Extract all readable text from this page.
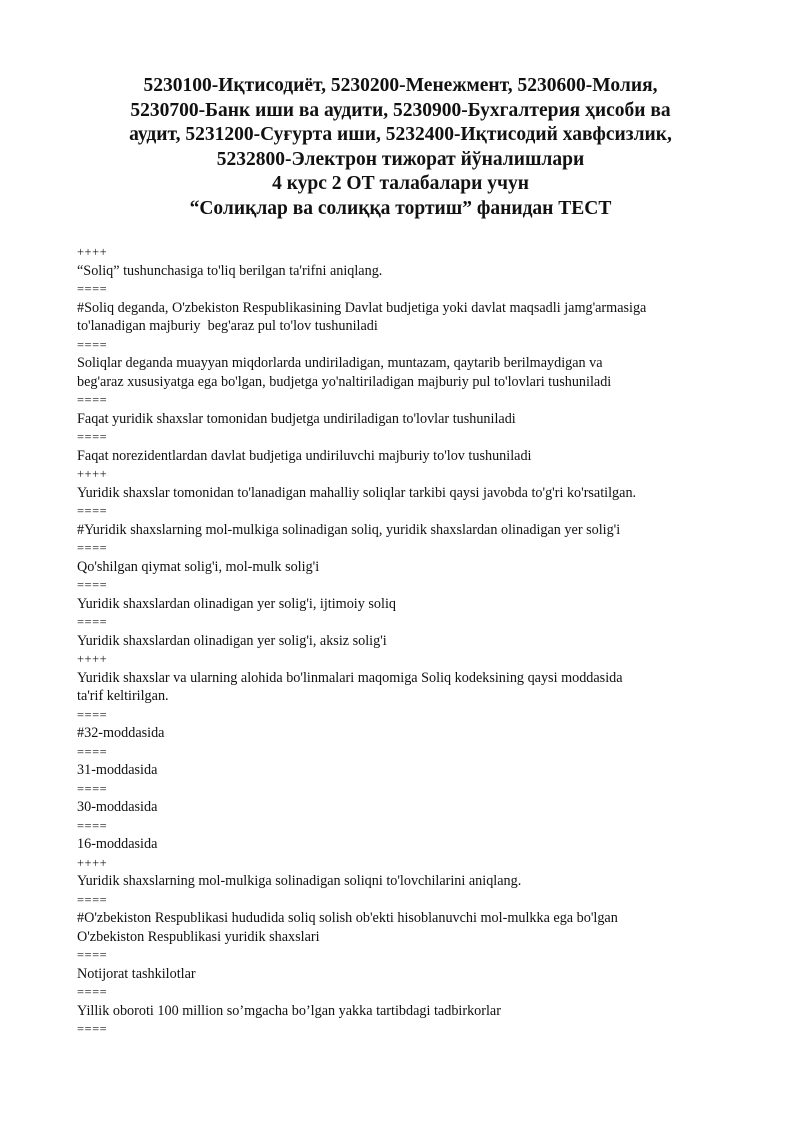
5230100-Иқтисодиёт, 5230200-Менежмент, 5230600-Молия,
5230700-Банк иши ва аудити, 5230900-Бухгалтерия ҳисоби ва
аудит, 5231200-Суғурта иши, 5232400-Иқтисодий хавфсизлик,
5232800-Электрон тижорат йўналишлари
4 курс 2 ОТ талабалари учун
“Солиқлар ва солиққа тортиш” фанидан ТЕСТ
++++
“Soliq” tushunchasiga to'liq berilgan ta'rifni aniqlang.
====
#Soliq deganda, O'zbekiston Respublikasining Davlat budjetiga yoki davlat maqsadli jamg'armasiga
to'lanadigan majburiy  beg'araz pul to'lov tushuniladi
====
Soliqlar deganda muayyan miqdorlarda undiriladigan, muntazam, qaytarib berilmaydigan va
beg'araz xususiyatga ega bo'lgan, budjetga yo'naltiriladigan majburiy pul to'lovlari tushuniladi
====
Faqat yuridik shaxslar tomonidan budjetga undiriladigan to'lovlar tushuniladi
====
Faqat norezidentlardan davlat budjetiga undiriluvchi majburiy to'lov tushuniladi
++++
Yuridik shaxslar tomonidan to'lanadigan mahalliy soliqlar tarkibi qaysi javobda to'g'ri ko'rsatilgan.
====
#Yuridik shaxslarning mol-mulkiga solinadigan soliq, yuridik shaxslardan olinadigan yer solig'i
====
Qo'shilgan qiymat solig'i, mol-mulk solig'i
====
Yuridik shaxslardan olinadigan yer solig'i, ijtimoiy soliq
====
Yuridik shaxslardan olinadigan yer solig'i, aksiz solig'i
++++
Yuridik shaxslar va ularning alohida bo'linmalari maqomiga Soliq kodeksining qaysi moddasida
ta'rif keltirilgan.
====
#32-moddasida
====
31-moddasida
====
30-moddasida
====
16-moddasida
++++
Yuridik shaxslarning mol-mulkiga solinadigan soliqni to'lovchilarini aniqlang.
====
#O'zbekiston Respublikasi hududida soliq solish ob'ekti hisoblanuvchi mol-mulkka ega bo'lgan
O'zbekiston Respublikasi yuridik shaxslari
====
Notijorat tashkilotlar
====
Yillik oboroti 100 million so’mgacha bo’lgan yakka tartibdagi tadbirkorlar
====
